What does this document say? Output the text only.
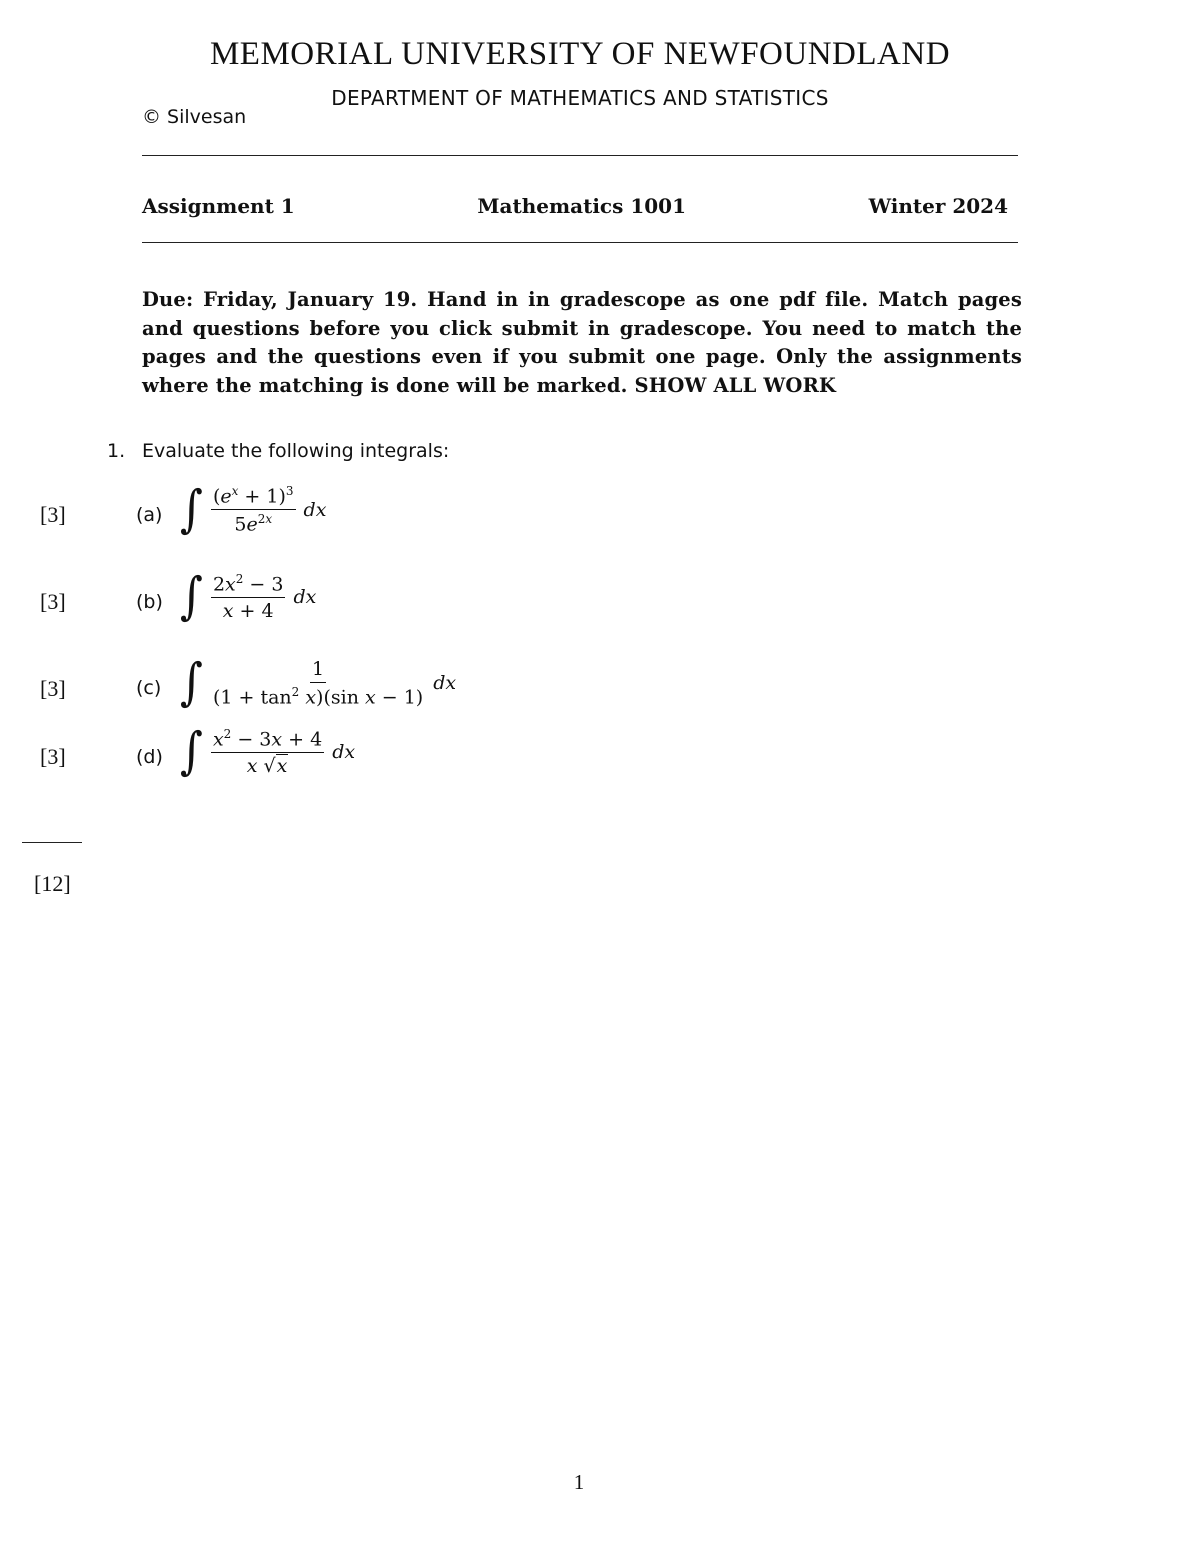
MEMORIAL UNIVERSITY OF NEWFOUNDLAND
DEPARTMENT OF MATHEMATICS AND STATISTICS
© Silvesan
Assignment 1	Mathematics 1001	Winter 2024
Due: Friday, January 19. Hand in in gradescope as one pdf file. Match pages and questions before you click submit in gradescope. You need to match the pages and the questions even if you submit one page. Only the assignments where the matching is done will be marked. SHOW ALL WORK
1. Evaluate the following integrals:
[3]	(a) ∫ $\frac{(e^x + 1)^3}{5e^{2x}}$ dx
[3]	(b) ∫ $\frac{2x^2 - 3}{x + 4}$ dx
[3]	(c) ∫ $\frac{1}{(1 + \tan^2 x)(\sin x - 1)}$ dx
[3]	(d) ∫ $\frac{x^2 - 3x + 4}{x √x}$ dx
[12]
1
